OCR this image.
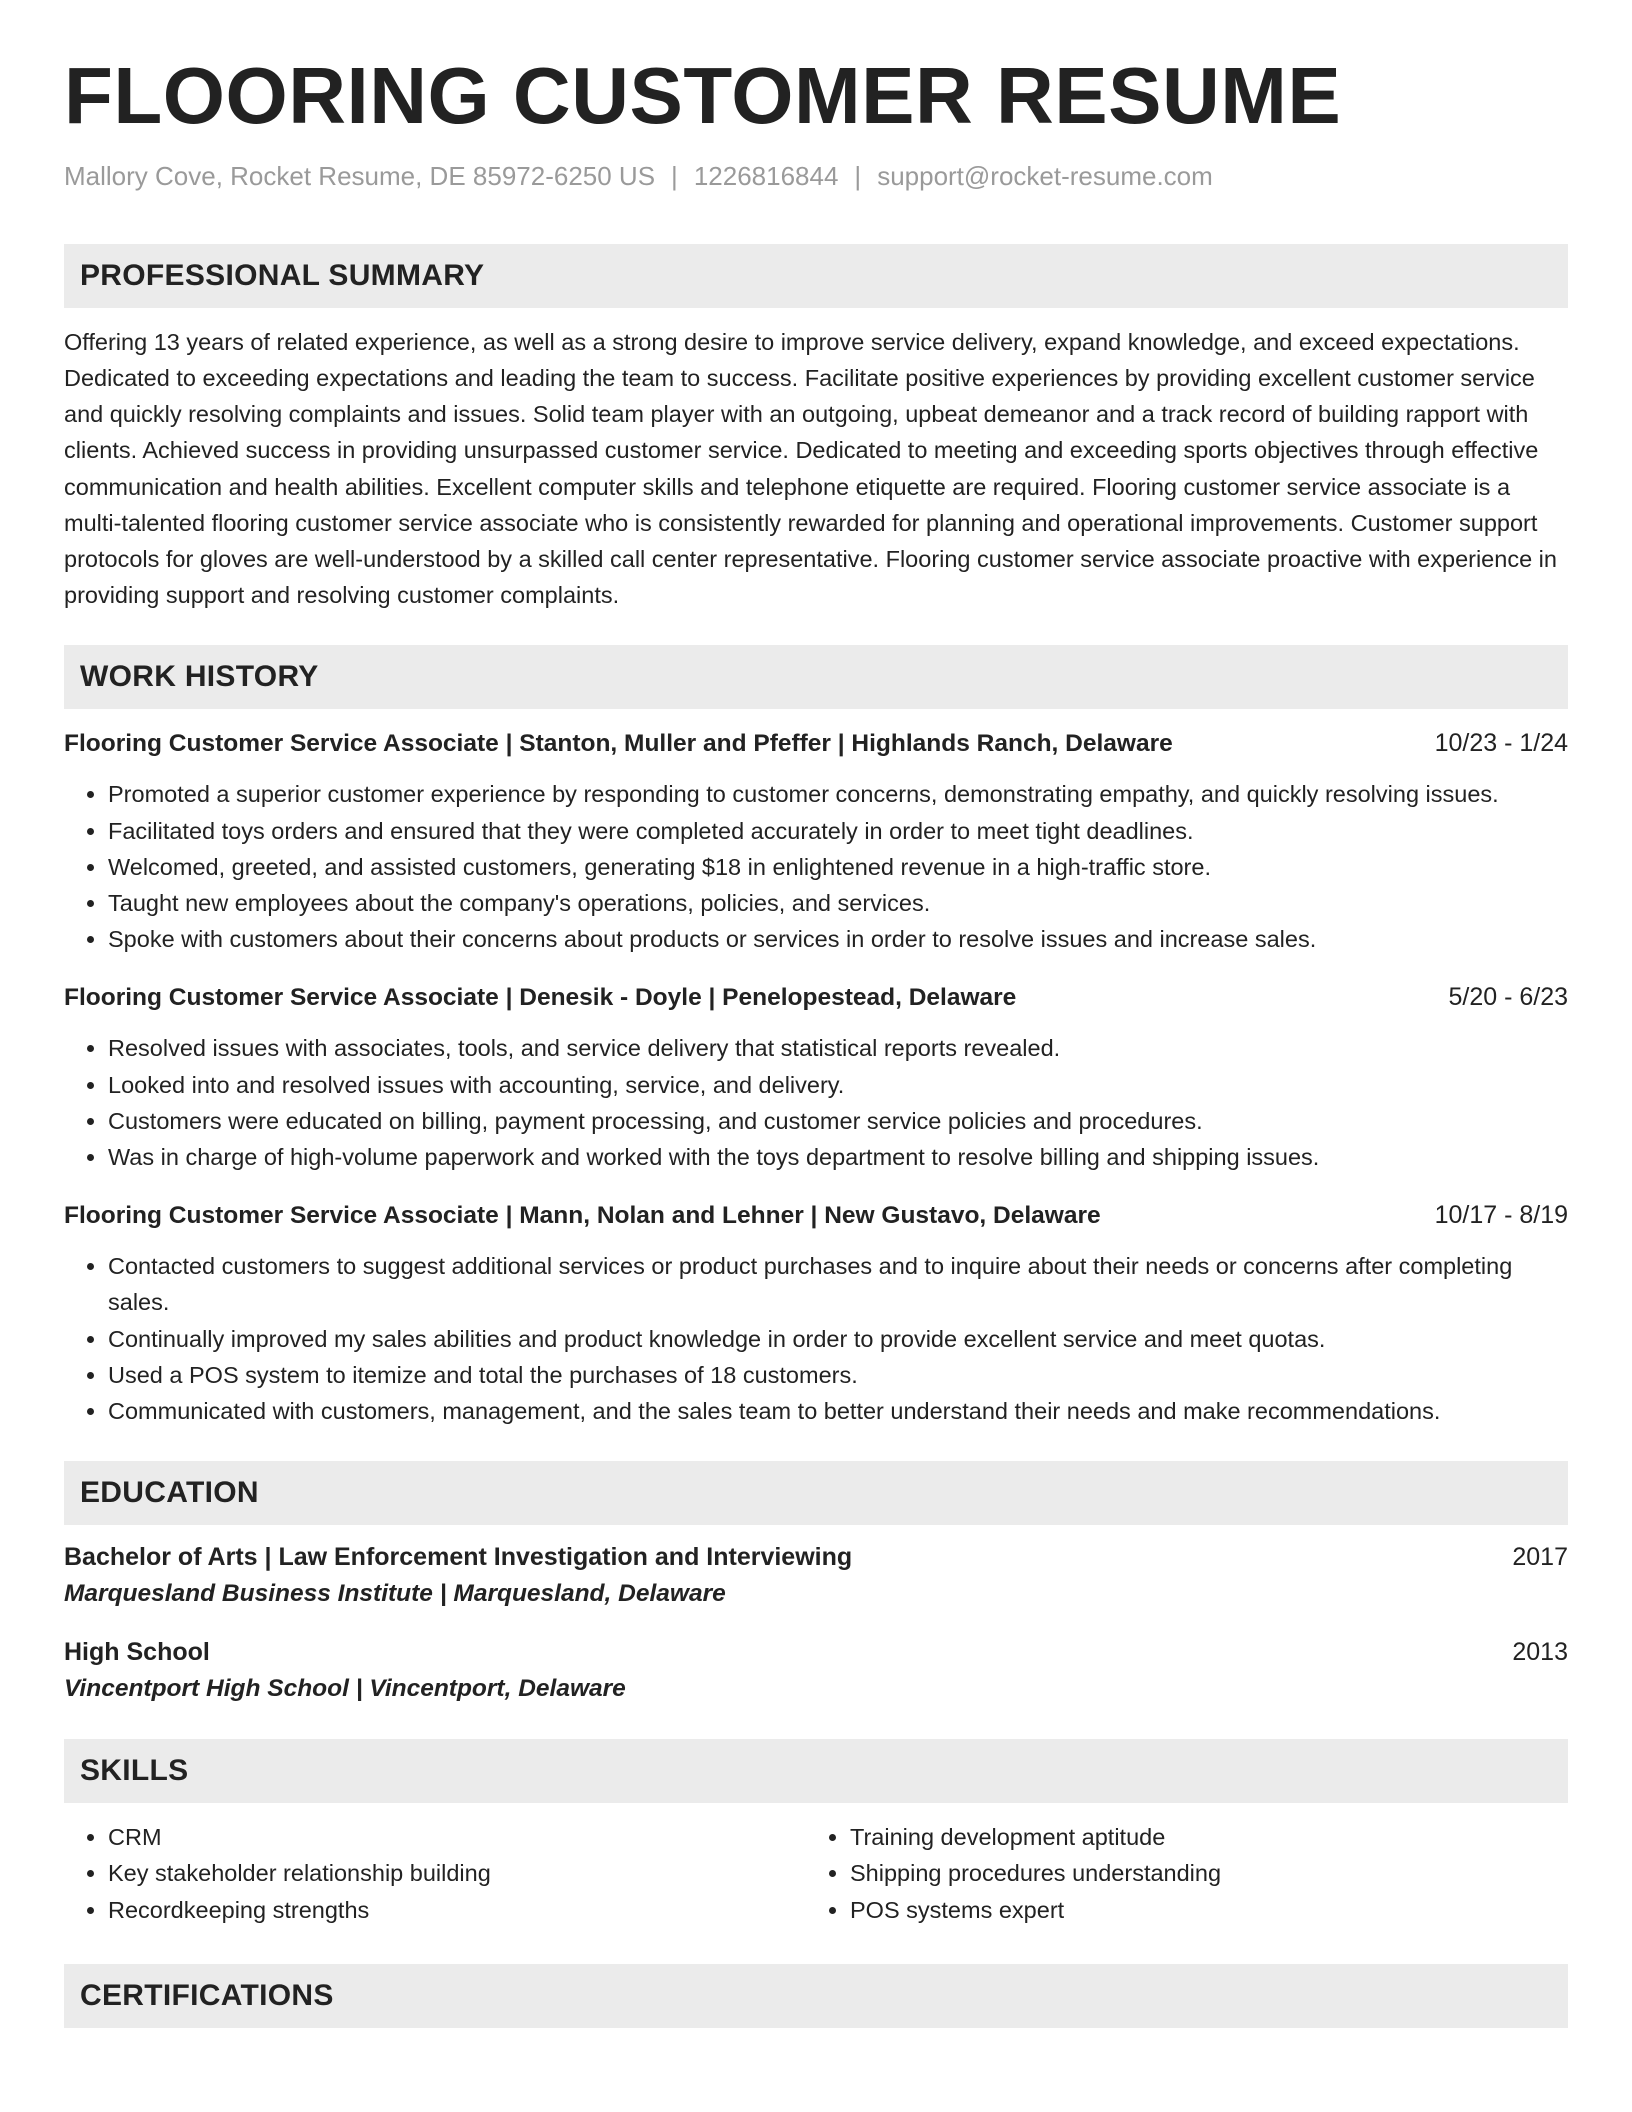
FLOORING CUSTOMER RESUME
Mallory Cove, Rocket Resume, DE 85972-6250 US | 1226816844 | support@rocket-resume.com
PROFESSIONAL SUMMARY
Offering 13 years of related experience, as well as a strong desire to improve service delivery, expand knowledge, and exceed expectations. Dedicated to exceeding expectations and leading the team to success. Facilitate positive experiences by providing excellent customer service and quickly resolving complaints and issues. Solid team player with an outgoing, upbeat demeanor and a track record of building rapport with clients. Achieved success in providing unsurpassed customer service. Dedicated to meeting and exceeding sports objectives through effective communication and health abilities. Excellent computer skills and telephone etiquette are required. Flooring customer service associate is a multi-talented flooring customer service associate who is consistently rewarded for planning and operational improvements. Customer support protocols for gloves are well-understood by a skilled call center representative. Flooring customer service associate proactive with experience in providing support and resolving customer complaints.
WORK HISTORY
Flooring Customer Service Associate | Stanton, Muller and Pfeffer | Highlands Ranch, Delaware	10/23 - 1/24
• Promoted a superior customer experience by responding to customer concerns, demonstrating empathy, and quickly resolving issues.
• Facilitated toys orders and ensured that they were completed accurately in order to meet tight deadlines.
• Welcomed, greeted, and assisted customers, generating $18 in enlightened revenue in a high-traffic store.
• Taught new employees about the company's operations, policies, and services.
• Spoke with customers about their concerns about products or services in order to resolve issues and increase sales.
Flooring Customer Service Associate | Denesik - Doyle | Penelopestead, Delaware	5/20 - 6/23
• Resolved issues with associates, tools, and service delivery that statistical reports revealed.
• Looked into and resolved issues with accounting, service, and delivery.
• Customers were educated on billing, payment processing, and customer service policies and procedures.
• Was in charge of high-volume paperwork and worked with the toys department to resolve billing and shipping issues.
Flooring Customer Service Associate | Mann, Nolan and Lehner | New Gustavo, Delaware	10/17 - 8/19
• Contacted customers to suggest additional services or product purchases and to inquire about their needs or concerns after completing sales.
• Continually improved my sales abilities and product knowledge in order to provide excellent service and meet quotas.
• Used a POS system to itemize and total the purchases of 18 customers.
• Communicated with customers, management, and the sales team to better understand their needs and make recommendations.
EDUCATION
Bachelor of Arts | Law Enforcement Investigation and Interviewing	2017
Marquesland Business Institute | Marquesland, Delaware
High School	2013
Vincentport High School | Vincentport, Delaware
SKILLS
• CRM
• Key stakeholder relationship building
• Recordkeeping strengths
• Training development aptitude
• Shipping procedures understanding
• POS systems expert
CERTIFICATIONS
